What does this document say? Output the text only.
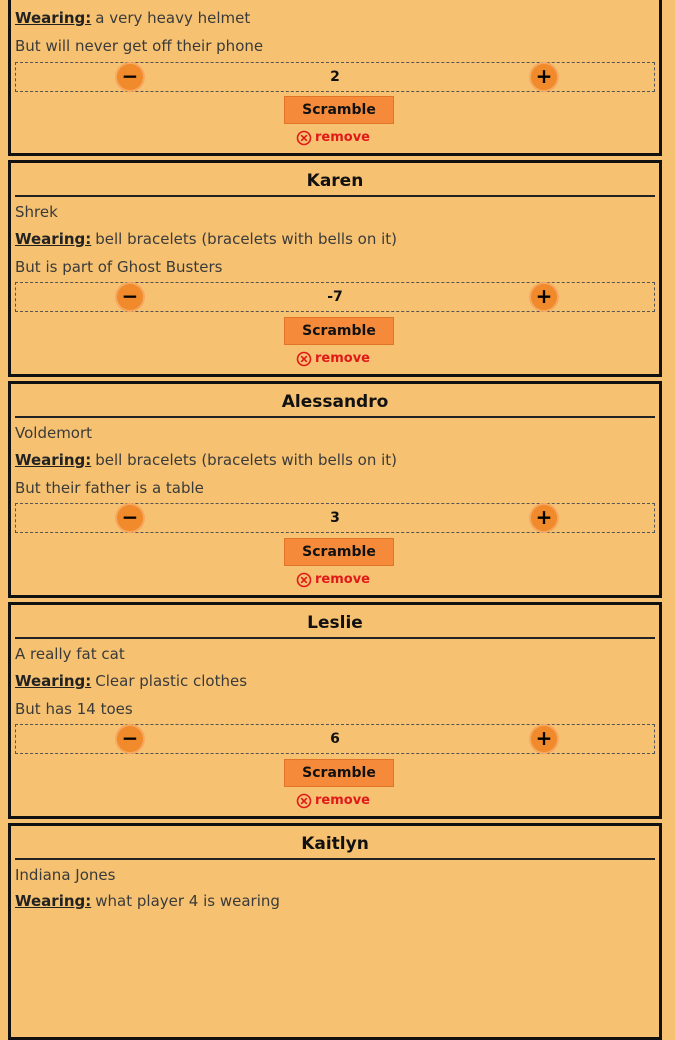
Wearing: a very heavy helmet
But will never get off their phone
−	2	+
Scramble
remove
Karen
Shrek
Wearing: bell bracelets (bracelets with bells on it)
But is part of Ghost Busters
−	-7	+
Scramble
remove
Alessandro
Voldemort
Wearing: bell bracelets (bracelets with bells on it)
But their father is a table
−	3	+
Scramble
remove
Leslie
A really fat cat
Wearing: Clear plastic clothes
But has 14 toes
−	6	+
Scramble
remove
Kaitlyn
Indiana Jones
Wearing: what player 4 is wearing
